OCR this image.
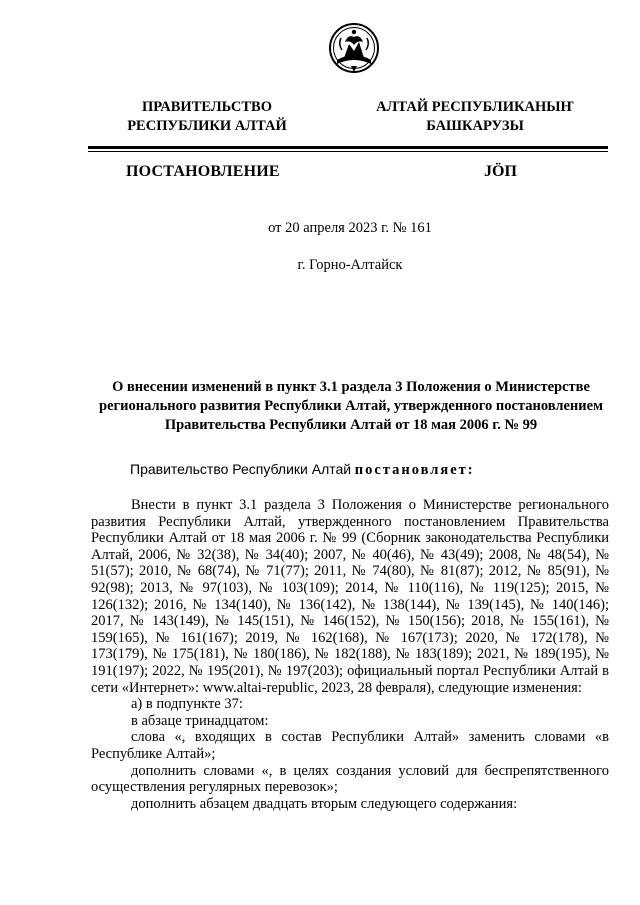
ПРАВИТЕЛЬСТВО
РЕСПУБЛИКИ АЛТАЙ
АЛТАЙ РЕСПУБЛИКАНЫҤ
БАШКАРУЗЫ
ПОСТАНОВЛЕНИЕ	JӦП
от 20 апреля 2023 г. № 161
г. Горно-Алтайск
О внесении изменений в пункт 3.1 раздела 3 Положения о Министерстве регионального развития Республики Алтай, утвержденного постановлением Правительства Республики Алтай от 18 мая 2006 г. № 99
Правительство Республики Алтай постановляет:

Внести в пункт 3.1 раздела 3 Положения о Министерстве регионального развития Республики Алтай, утвержденного постановлением Правительства Республики Алтай от 18 мая 2006 г. № 99 (Сборник законодательства Республики Алтай, 2006, № 32(38), № 34(40); 2007, № 40(46), № 43(49); 2008, № 48(54), № 51(57); 2010, № 68(74), № 71(77); 2011, № 74(80), № 81(87); 2012, № 85(91), № 92(98); 2013, № 97(103), № 103(109); 2014, № 110(116), № 119(125); 2015, № 126(132); 2016, № 134(140), № 136(142), № 138(144), № 139(145), № 140(146); 2017, № 143(149), № 145(151), № 146(152), № 150(156); 2018, № 155(161), № 159(165), № 161(167); 2019, № 162(168), № 167(173); 2020, № 172(178), № 173(179), № 175(181), № 180(186), № 182(188), № 183(189); 2021, № 189(195), № 191(197); 2022, № 195(201), № 197(203); официальный портал Республики Алтай в сети «Интернет»: www.altai-republic, 2023, 28 февраля), следующие изменения:

а) в подпункте 37:

в абзаце тринадцатом:

слова «, входящих в состав Республики Алтай» заменить словами «в Республике Алтай»;

дополнить словами «, в целях создания условий для беспрепятственного осуществления регулярных перевозок»;

дополнить абзацем двадцать вторым следующего содержания:
